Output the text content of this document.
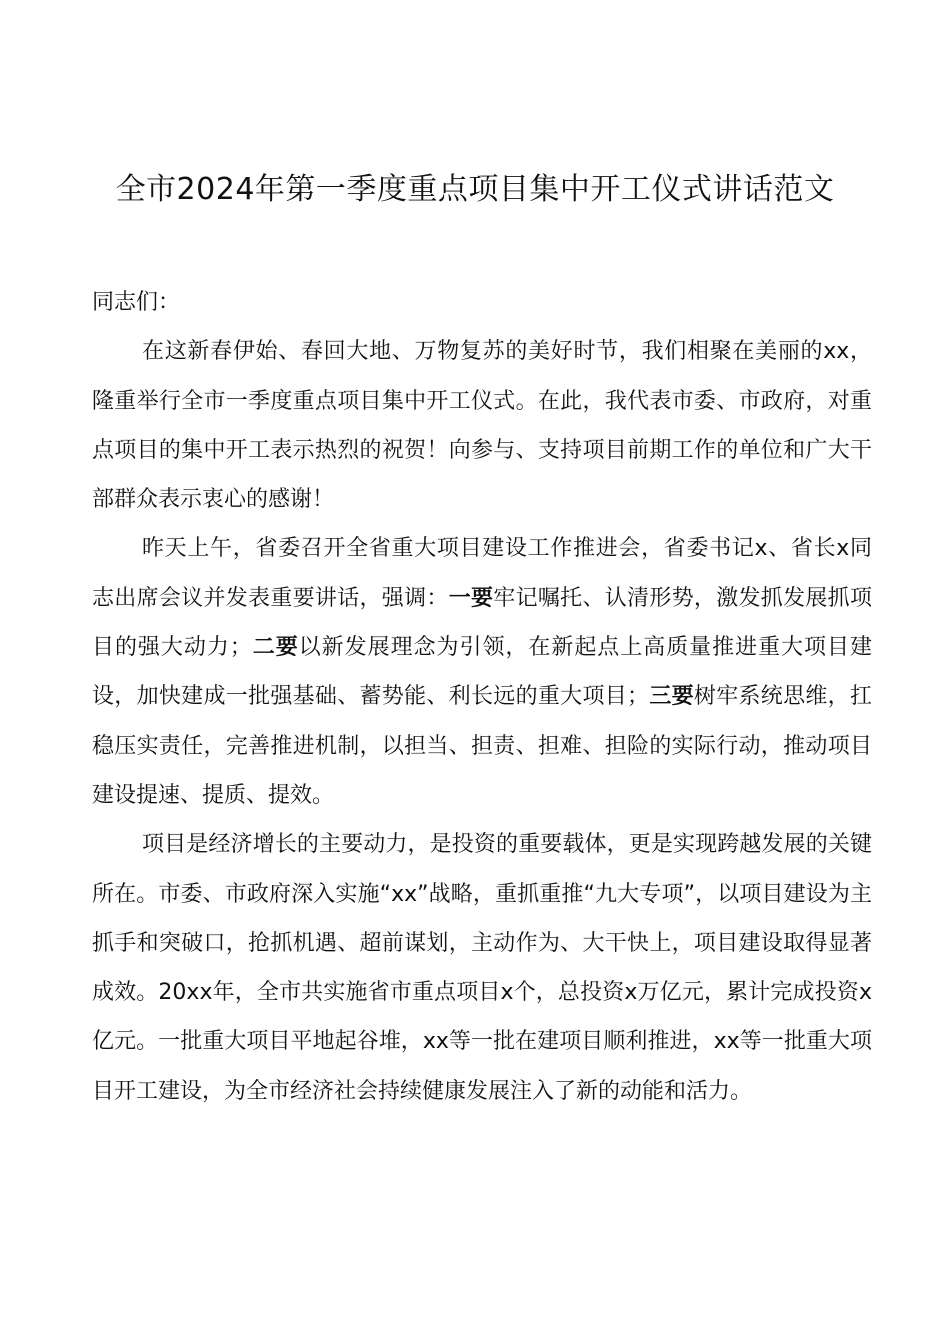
全市2024年第一季度重点项目集中开工仪式讲话范文

同志们：

在这新春伊始、春回大地、万物复苏的美好时节，我们相聚在美丽的xx，隆重举行全市一季度重点项目集中开工仪式。在此，我代表市委、市政府，对重点项目的集中开工表示热烈的祝贺！向参与、支持项目前期工作的单位和广大干部群众表示衷心的感谢！

昨天上午，省委召开全省重大项目建设工作推进会，省委书记x、省长x同志出席会议并发表重要讲话，强调：一要牢记嘱托、认清形势，激发抓发展抓项目的强大动力；二要以新发展理念为引领，在新起点上高质量推进重大项目建设，加快建成一批强基础、蓄势能、利长远的重大项目；三要树牢系统思维，扛稳压实责任，完善推进机制，以担当、担责、担难、担险的实际行动，推动项目建设提速、提质、提效。

项目是经济增长的主要动力，是投资的重要载体，更是实现跨越发展的关键所在。市委、市政府深入实施“xx”战略，重抓重推“九大专项”，以项目建设为主抓手和突破口，抢抓机遇、超前谋划，主动作为、大干快上，项目建设取得显著成效。20xx年，全市共实施省市重点项目x个，总投资x万亿元，累计完成投资x亿元。一批重大项目平地起谷堆，xx等一批在建项目顺利推进，xx等一批重大项目开工建设，为全市经济社会持续健康发展注入了新的动能和活力。
